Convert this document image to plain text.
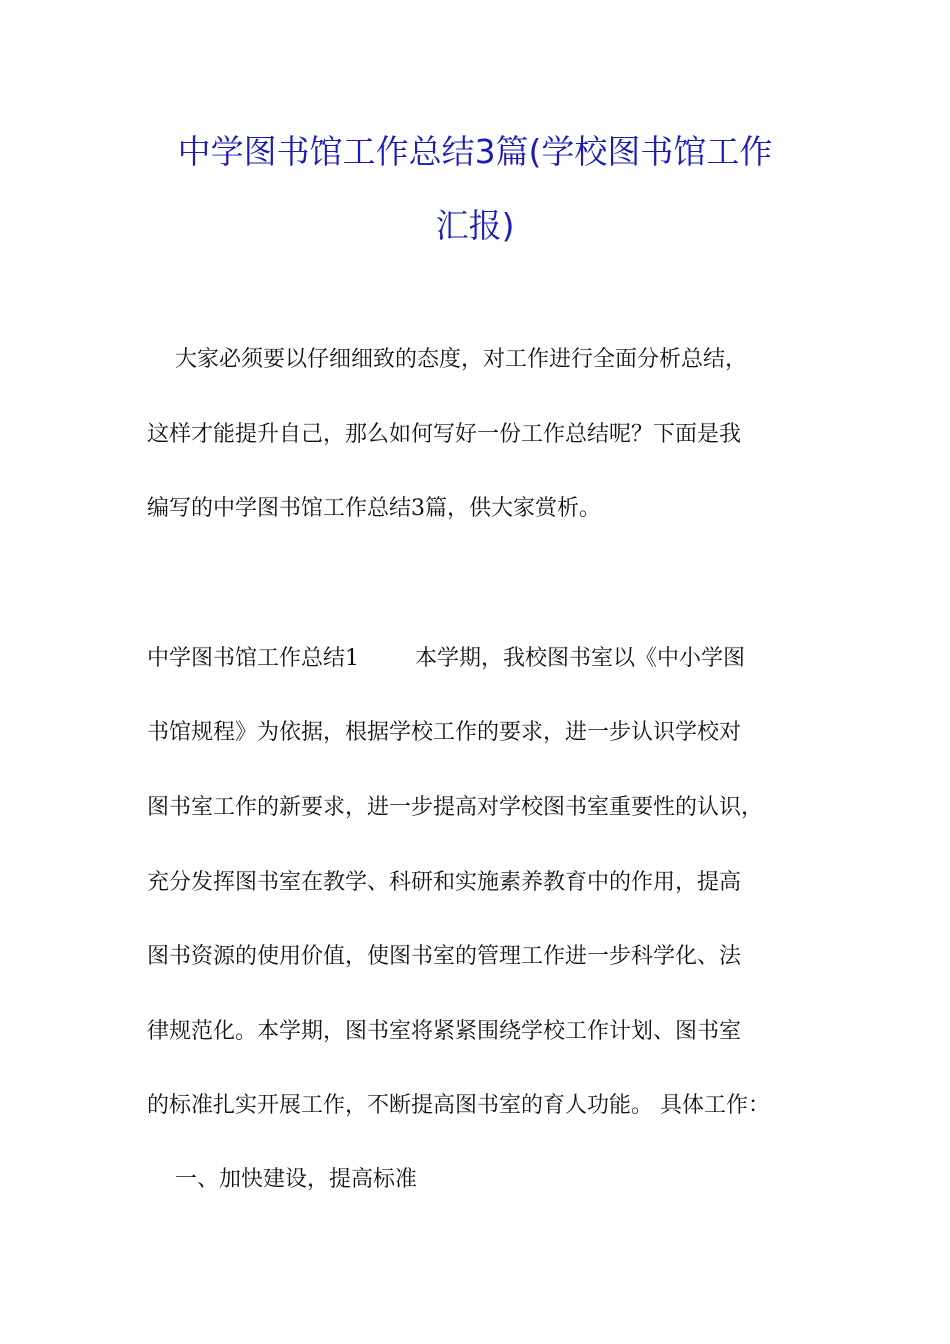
中学图书馆工作总结3篇(学校图书馆工作
汇报)
大家必须要以仔细细致的态度，对工作进行全面分析总结，
这样才能提升自己，那么如何写好一份工作总结呢？下面是我
编写的中学图书馆工作总结3篇，供大家赏析。
中学图书馆工作总结1        本学期，我校图书室以《中小学图
书馆规程》为依据，根据学校工作的要求，进一步认识学校对
图书室工作的新要求，进一步提高对学校图书室重要性的认识，
充分发挥图书室在教学、科研和实施素养教育中的作用，提高
图书资源的使用价值，使图书室的管理工作进一步科学化、法
律规范化。本学期，图书室将紧紧围绕学校工作计划、图书室
的标准扎实开展工作，不断提高图书室的育人功能。 具体工作：
一、加快建设，提高标准
